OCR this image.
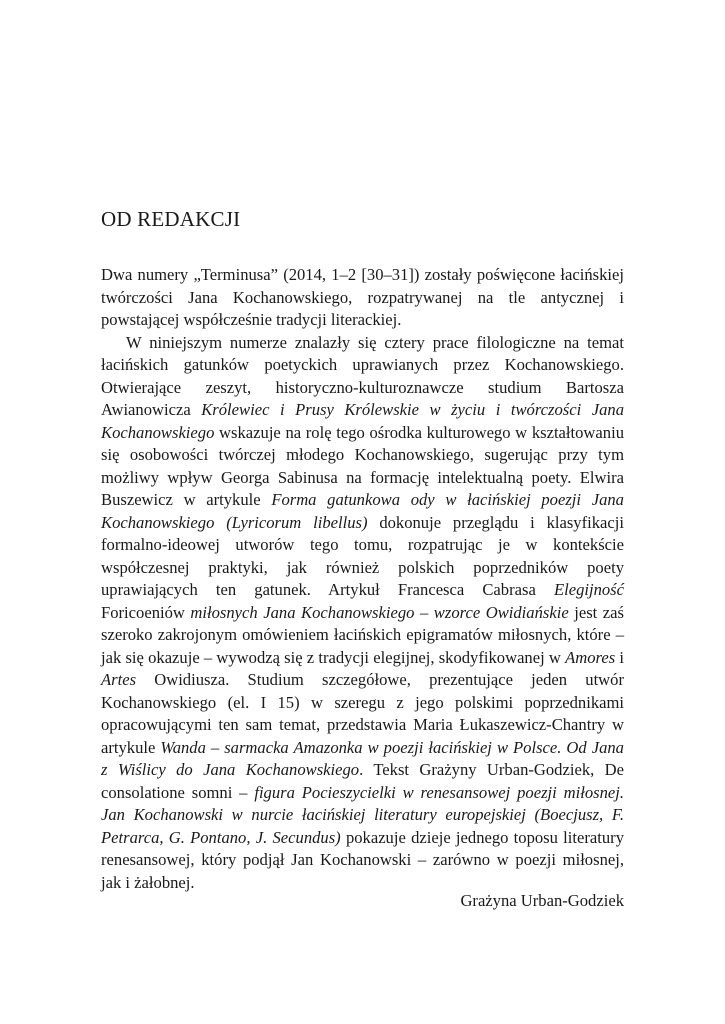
OD REDAKCJI

Dwa numery „Terminusa” (2014, 1–2 [30–31]) zostały poświęcone łacińskiej twórczości Jana Kochanowskiego, rozpatrywanej na tle antycznej i powstającej współcześnie tradycji literackiej.

W niniejszym numerze znalazły się cztery prace filologiczne na temat łacińskich gatunków poetyckich uprawianych przez Kochanowskiego. Otwierające zeszyt, historyczno-kulturoznawcze studium Bartosza Awianowicza Królewiec i Prusy Królewskie w życiu i twórczości Jana Kochanowskiego wskazuje na rolę tego ośrodka kulturowego w kształtowaniu się osobowości twórczej młodego Kochanowskiego, sugerując przy tym możliwy wpływ Georga Sabinusa na formację intelektualną poety. Elwira Buszewicz w artykule Forma gatunkowa ody w łacińskiej poezji Jana Kochanowskiego (Lyricorum libellus) dokonuje przeglądu i klasyfikacji formalno-ideowej utworów tego tomu, rozpatrując je w kontekście współczesnej praktyki, jak również polskich poprzedników poety uprawiających ten gatunek. Artykuł Francesca Cabrasa Elegijność Foricoeniów miłosnych Jana Kochanowskiego – wzorce Owidiańskie jest zaś szeroko zakrojonym omówieniem łacińskich epigramatów miłosnych, które – jak się okazuje – wywodzą się z tradycji elegijnej, skodyfikowanej w Amores i Artes Owidiusza. Studium szczegółowe, prezentujące jeden utwór Kochanowskiego (el. I 15) w szeregu z jego polskimi poprzednikami opracowującymi ten sam temat, przedstawia Maria Łukaszewicz-Chantry w artykule Wanda – sarmacka Amazonka w poezji łacińskiej w Polsce. Od Jana z Wiślicy do Jana Kochanowskiego. Tekst Grażyny Urban-Godziek, De consolatione somni – figura Pocieszycielki w renesansowej poezji miłosnej. Jan Kochanowski w nurcie łacińskiej literatury europejskiej (Boecjusz, F. Petrarca, G. Pontano, J. Secundus) pokazuje dzieje jednego toposu literatury renesansowej, który podjął Jan Kochanowski – zarówno w poezji miłosnej, jak i żałobnej.

Grażyna Urban-Godziek
